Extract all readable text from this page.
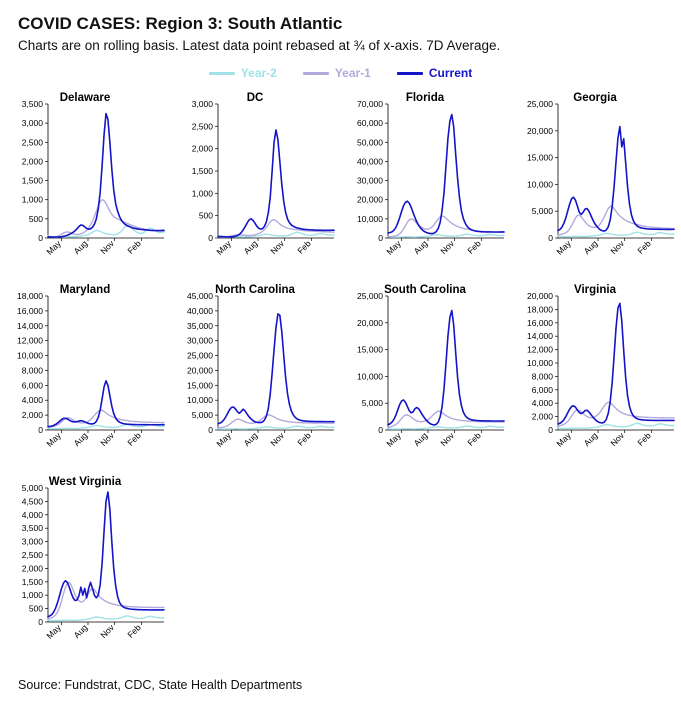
COVID CASES: Region 3: South Atlantic
Charts are on rolling basis. Latest data point rebased at ¾ of x-axis. 7D Average.
Year-2	Year-1	Current
Delaware
0
500
1,000
1,500
2,000
2,500
3,000
3,500
May Aug Nov Feb
DC
0
500
1,000
1,500
2,000
2,500
3,000
May Aug Nov Feb
Florida
0
10,000
20,000
30,000
40,000
50,000
60,000
70,000
May Aug Nov Feb
Georgia
0
5,000
10,000
15,000
20,000
25,000
May Aug Nov Feb
Maryland
0
2,000
4,000
6,000
8,000
10,000
12,000
14,000
16,000
18,000
May Aug Nov Feb
North Carolina
0
5,000
10,000
15,000
20,000
25,000
30,000
35,000
40,000
45,000
May Aug Nov Feb
South Carolina
0
5,000
10,000
15,000
20,000
25,000
May Aug Nov Feb
Virginia
0
2,000
4,000
6,000
8,000
10,000
12,000
14,000
16,000
18,000
20,000
May Aug Nov Feb
West Virginia
0
500
1,000
1,500
2,000
2,500
3,000
3,500
4,000
4,500
5,000
May Aug Nov Feb
Source: Fundstrat, CDC, State Health Departments
